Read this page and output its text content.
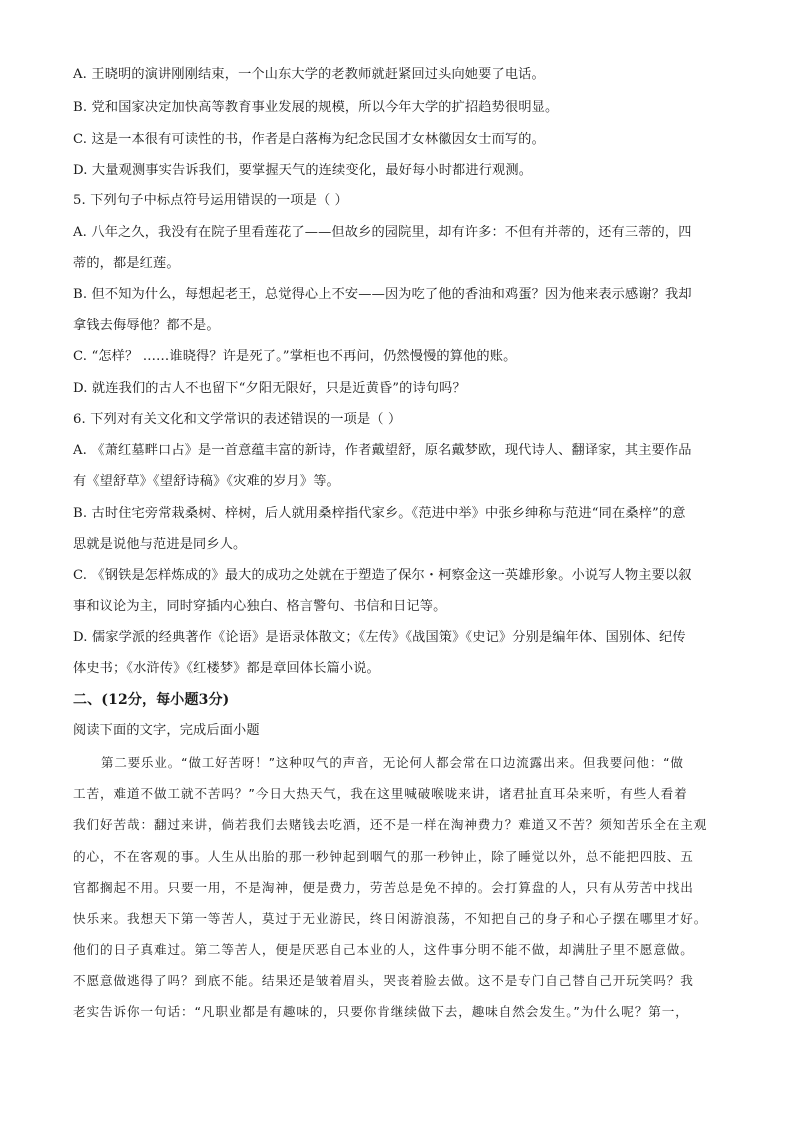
A. 王晓明的演讲刚刚结束，一个山东大学的老教师就赶紧回过头向她要了电话。
B. 党和国家决定加快高等教育事业发展的规模，所以今年大学的扩招趋势很明显。
C. 这是一本很有可读性的书，作者是白落梅为纪念民国才女林徽因女士而写的。
D. 大量观测事实告诉我们，要掌握天气的连续变化，最好每小时都进行观测。
5. 下列句子中标点符号运用错误的一项是（ ）
A. 八年之久，我没有在院子里看莲花了——但故乡的园院里，却有许多：不但有并蒂的，还有三蒂的，四
蒂的，都是红莲。
B. 但不知为什么，每想起老王，总觉得心上不安——因为吃了他的香油和鸡蛋？因为他来表示感谢？我却
拿钱去侮辱他？都不是。
C. “怎样？ ……谁晓得？许是死了。”掌柜也不再问，仍然慢慢的算他的账。
D. 就连我们的古人不也留下“夕阳无限好，只是近黄昏”的诗句吗？
6. 下列对有关文化和文学常识的表述错误的一项是（ ）
A. 《萧红墓畔口占》是一首意蕴丰富的新诗，作者戴望舒，原名戴梦欧，现代诗人、翻译家，其主要作品
有《望舒草》《望舒诗稿》《灾难的岁月》等。
B. 古时住宅旁常栽桑树、梓树，后人就用桑梓指代家乡。《范进中举》中张乡绅称与范进“同在桑梓”的意
思就是说他与范进是同乡人。
C. 《钢铁是怎样炼成的》最大的成功之处就在于塑造了保尔・柯察金这一英雄形象。小说写人物主要以叙
事和议论为主，同时穿插内心独白、格言警句、书信和日记等。
D. 儒家学派的经典著作《论语》是语录体散文；《左传》《战国策》《史记》分别是编年体、国别体、纪传
体史书；《水浒传》《红楼梦》都是章回体长篇小说。
二、(12分，每小题3分)
阅读下面的文字，完成后面小题
第二要乐业。“做工好苦呀！”这种叹气的声音，无论何人都会常在口边流露出来。但我要问他：“做
工苦，难道不做工就不苦吗？”今日大热天气，我在这里喊破喉咙来讲，诸君扯直耳朵来听，有些人看着
我们好苦哉：翻过来讲，倘若我们去赌钱去吃酒，还不是一样在淘神费力？难道又不苦？须知苦乐全在主观
的心，不在客观的事。人生从出胎的那一秒钟起到咽气的那一秒钟止，除了睡觉以外，总不能把四肢、五
官都搁起不用。只要一用，不是淘神，便是费力，劳苦总是免不掉的。会打算盘的人，只有从劳苦中找出
快乐来。我想天下第一等苦人，莫过于无业游民，终日闲游浪荡，不知把自己的身子和心子摆在哪里才好。
他们的日子真难过。第二等苦人，便是厌恶自己本业的人，这件事分明不能不做，却满肚子里不愿意做。
不愿意做逃得了吗？到底不能。结果还是皱着眉头，哭丧着脸去做。这不是专门自己替自己开玩笑吗？我
老实告诉你一句话：“凡职业都是有趣味的，只要你肯继续做下去，趣味自然会发生。”为什么呢？第一，
